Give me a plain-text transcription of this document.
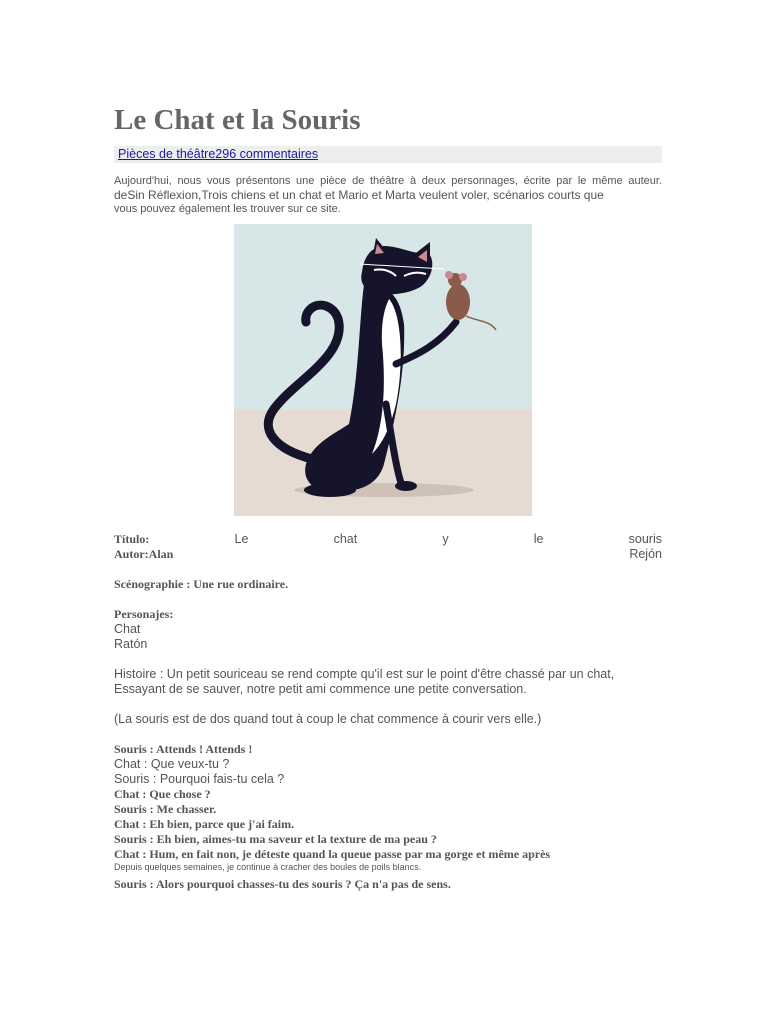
Le Chat et la Souris
Pièces de théâtre296 commentaires
Aujourd'hui, nous vous présentons une pièce de théâtre à deux personnages, écrite par le même auteur.
deSin Réflexion,Trois chiens et un chat et Mario et Marta veulent voler, scénarios courts que
vous pouvez également les trouver sur ce site.
Título:	Le	chat	y	le	souris
Autor:Alan	Rejón

Scénographie : Une rue ordinaire.

Personajes:

Chat

Ratón

Histoire : Un petit souriceau se rend compte qu'il est sur le point d'être chassé par un chat,

Essayant de se sauver, notre petit ami commence une petite conversation.

(La souris est de dos quand tout à coup le chat commence à courir vers elle.)

Souris : Attends ! Attends !

Chat : Que veux-tu ?

Souris : Pourquoi fais-tu cela ?

Chat : Que chose ?

Souris : Me chasser.

Chat : Eh bien, parce que j'ai faim.

Souris : Eh bien, aimes-tu ma saveur et la texture de ma peau ?

Chat : Hum, en fait non, je déteste quand la queue passe par ma gorge et même après

Depuis quelques semaines, je continue à cracher des boules de poils blancs.

Souris : Alors pourquoi chasses-tu des souris ? Ça n'a pas de sens.
